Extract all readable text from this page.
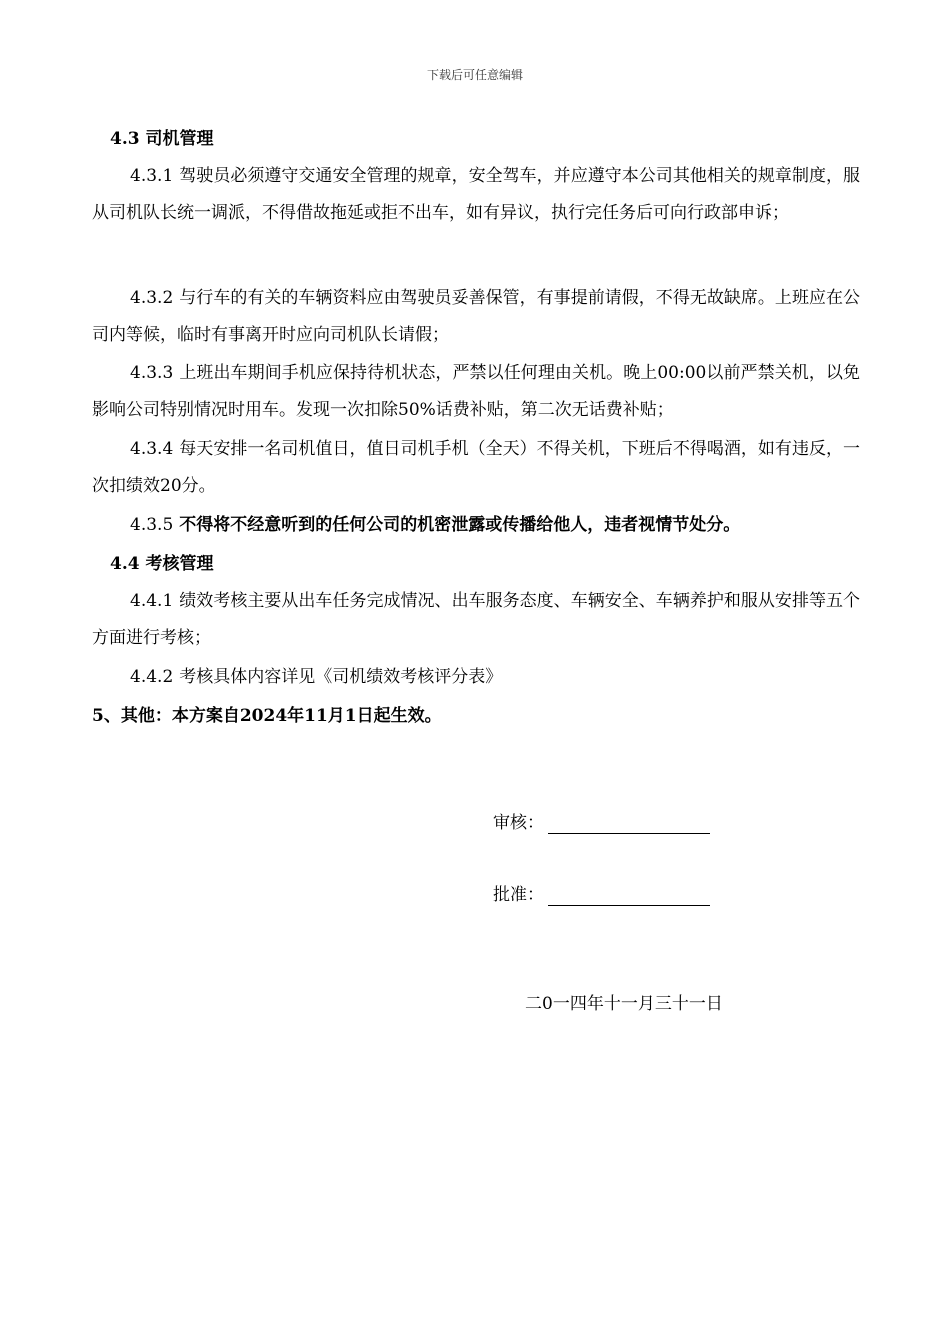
下载后可任意编辑
4.3 司机管理
4.3.1 驾驶员必须遵守交通安全管理的规章，安全驾车，并应遵守本公司其他相关的规章制度，服从司机队长统一调派，不得借故拖延或拒不出车，如有异议，执行完任务后可向行政部申诉；
4.3.2 与行车的有关的车辆资料应由驾驶员妥善保管，有事提前请假，不得无故缺席。上班应在公司内等候，临时有事离开时应向司机队长请假；
4.3.3 上班出车期间手机应保持待机状态，严禁以任何理由关机。晚上00:00以前严禁关机，以免影响公司特别情况时用车。发现一次扣除50%话费补贴，第二次无话费补贴；
4.3.4 每天安排一名司机值日，值日司机手机（全天）不得关机，下班后不得喝酒，如有违反，一次扣绩效20分。
4.3.5 不得将不经意听到的任何公司的机密泄露或传播给他人，违者视情节处分。
4.4 考核管理
4.4.1 绩效考核主要从出车任务完成情况、出车服务态度、车辆安全、车辆养护和服从安排等五个方面进行考核；
4.4.2 考核具体内容详见《司机绩效考核评分表》
5、其他：本方案自2024年11月1日起生效。
审核：
批准：
二0一四年十一月三十一日
